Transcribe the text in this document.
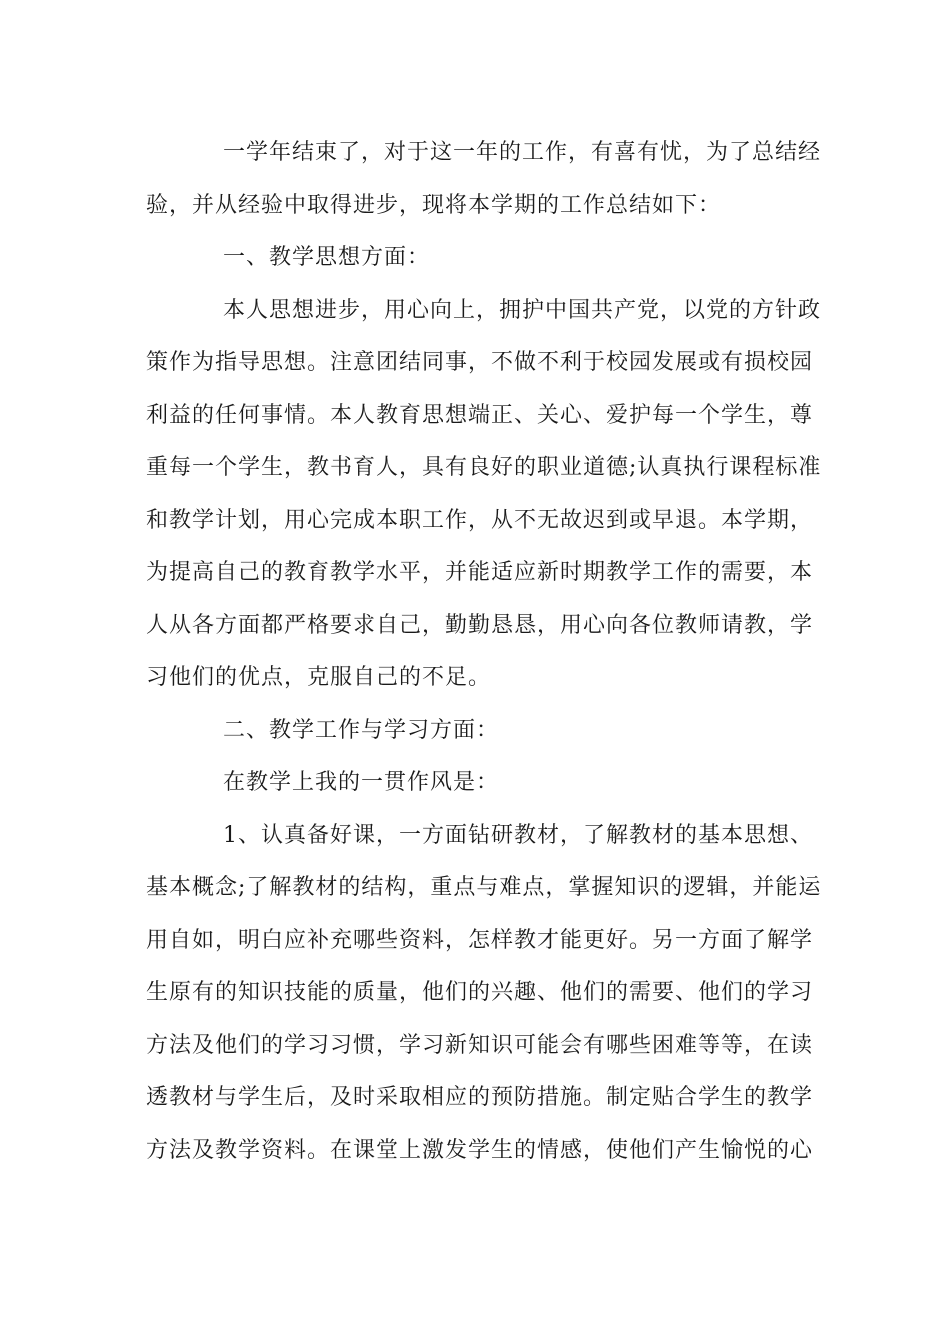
一学年结束了，对于这一年的工作，有喜有忧，为了总结经
验，并从经验中取得进步，现将本学期的工作总结如下：
一、教学思想方面：
本人思想进步，用心向上，拥护中国共产党，以党的方针政
策作为指导思想。注意团结同事，不做不利于校园发展或有损校园
利益的任何事情。本人教育思想端正、关心、爱护每一个学生，尊
重每一个学生，教书育人，具有良好的职业道德;认真执行课程标准
和教学计划，用心完成本职工作，从不无故迟到或早退。本学期，
为提高自己的教育教学水平，并能适应新时期教学工作的需要，本
人从各方面都严格要求自己，勤勤恳恳，用心向各位教师请教，学
习他们的优点，克服自己的不足。
二、教学工作与学习方面：
在教学上我的一贯作风是：
1、认真备好课，一方面钻研教材，了解教材的基本思想、
基本概念;了解教材的结构，重点与难点，掌握知识的逻辑，并能运
用自如，明白应补充哪些资料，怎样教才能更好。另一方面了解学
生原有的知识技能的质量，他们的兴趣、他们的需要、他们的学习
方法及他们的学习习惯，学习新知识可能会有哪些困难等等，在读
透教材与学生后，及时采取相应的预防措施。制定贴合学生的教学
方法及教学资料。在课堂上激发学生的情感，使他们产生愉悦的心
